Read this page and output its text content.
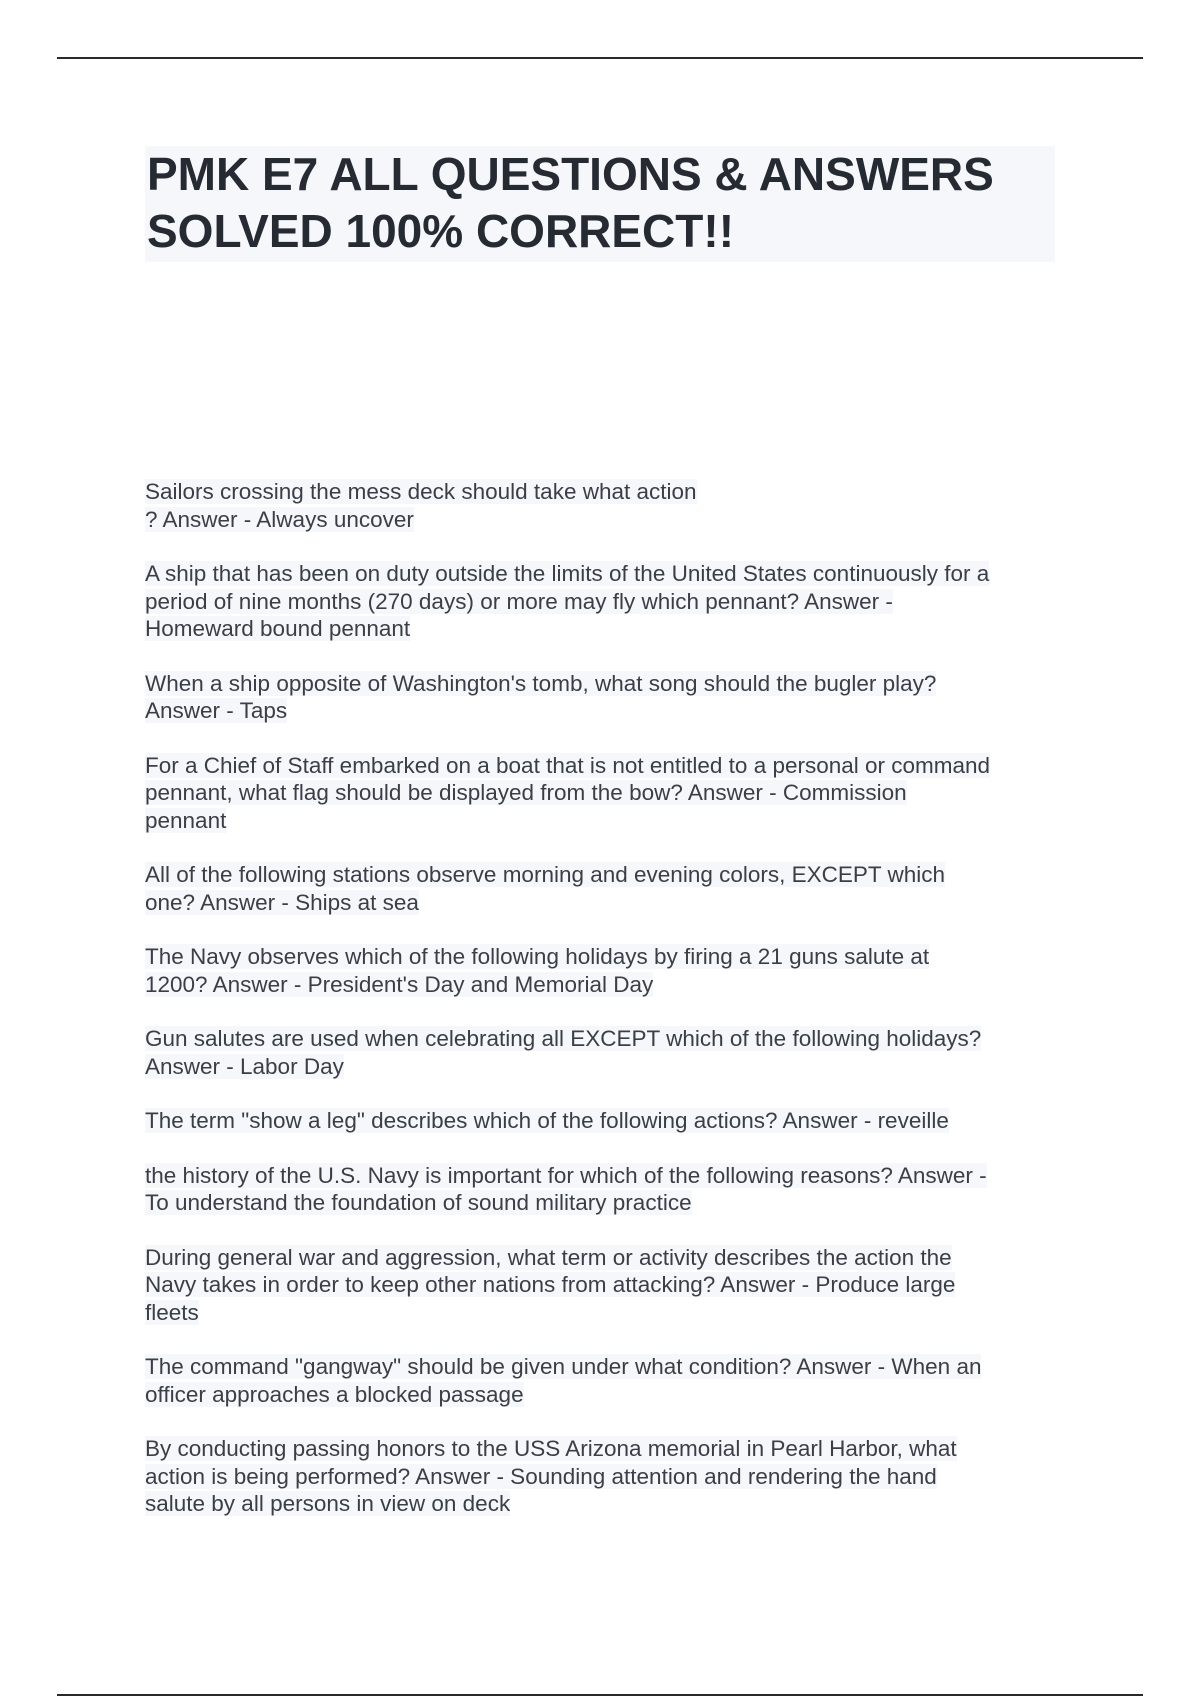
PMK E7 ALL QUESTIONS & ANSWERS
SOLVED 100% CORRECT!!
Sailors crossing the mess deck should take what action
? Answer - Always uncover
A ship that has been on duty outside the limits of the United States continuously for a
period of nine months (270 days) or more may fly which pennant? Answer -
Homeward bound pennant
When a ship opposite of Washington's tomb, what song should the bugler play?
Answer - Taps
For a Chief of Staff embarked on a boat that is not entitled to a personal or command
pennant, what flag should be displayed from the bow? Answer - Commission
pennant
All of the following stations observe morning and evening colors, EXCEPT which
one? Answer - Ships at sea
The Navy observes which of the following holidays by firing a 21 guns salute at
1200? Answer - President's Day and Memorial Day
Gun salutes are used when celebrating all EXCEPT which of the following holidays?
Answer - Labor Day
The term "show a leg" describes which of the following actions? Answer - reveille
the history of the U.S. Navy is important for which of the following reasons? Answer -
To understand the foundation of sound military practice
During general war and aggression, what term or activity describes the action the
Navy takes in order to keep other nations from attacking? Answer - Produce large
fleets
The command "gangway" should be given under what condition? Answer - When an
officer approaches a blocked passage
By conducting passing honors to the USS Arizona memorial in Pearl Harbor, what
action is being performed? Answer - Sounding attention and rendering the hand
salute by all persons in view on deck
